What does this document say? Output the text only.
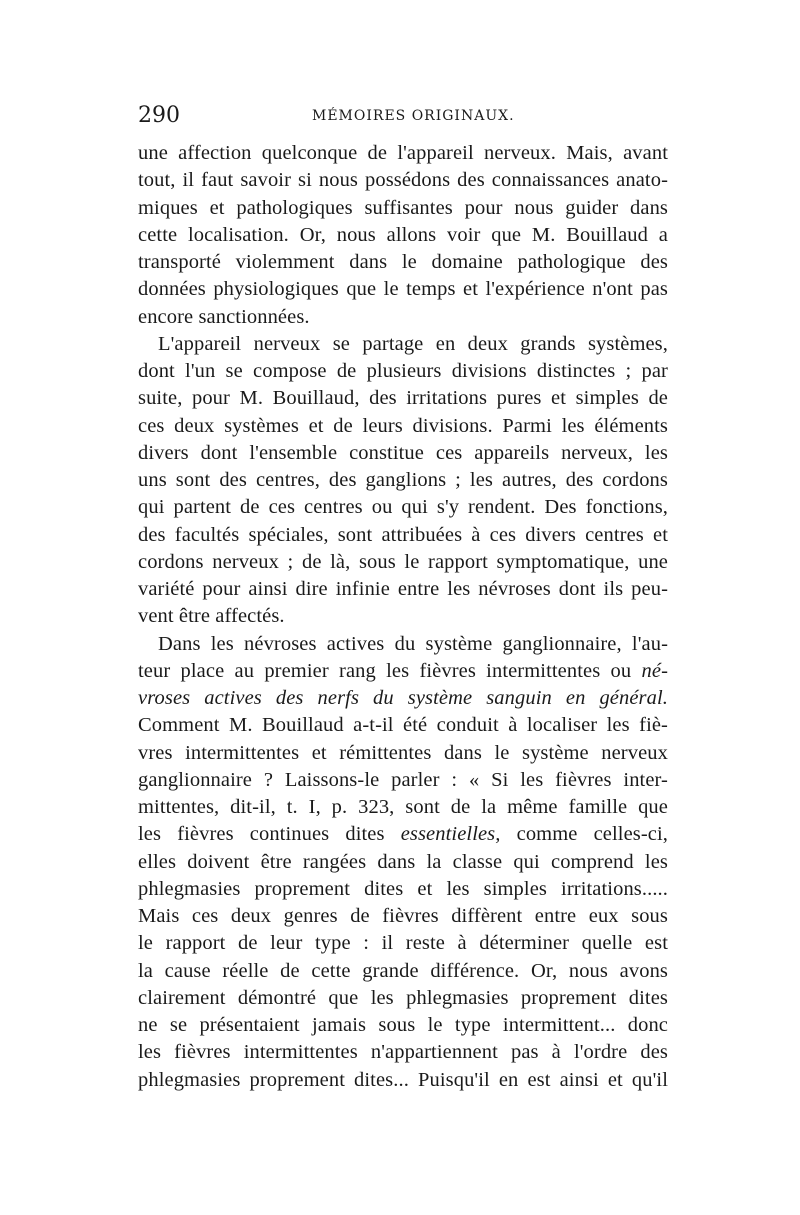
290	MÉMOIRES ORIGINAUX.
une affection quelconque de l'appareil nerveux. Mais, avant
tout, il faut savoir si nous possédons des connaissances anato-
miques et pathologiques suffisantes pour nous guider dans
cette localisation. Or, nous allons voir que M. Bouillaud a
transporté violemment dans le domaine pathologique des
données physiologiques que le temps et l'expérience n'ont pas
encore sanctionnées.
L'appareil nerveux se partage en deux grands systèmes,
dont l'un se compose de plusieurs divisions distinctes ; par
suite, pour M. Bouillaud, des irritations pures et simples de
ces deux systèmes et de leurs divisions. Parmi les éléments
divers dont l'ensemble constitue ces appareils nerveux, les
uns sont des centres, des ganglions ; les autres, des cordons
qui partent de ces centres ou qui s'y rendent. Des fonctions,
des facultés spéciales, sont attribuées à ces divers centres et
cordons nerveux ; de là, sous le rapport symptomatique, une
variété pour ainsi dire infinie entre les névroses dont ils peu-
vent être affectés.
Dans les névroses actives du système ganglionnaire, l'au-
teur place au premier rang les fièvres intermittentes ou né-
vroses actives des nerfs du système sanguin en général.
Comment M. Bouillaud a-t-il été conduit à localiser les fiè-
vres intermittentes et rémittentes dans le système nerveux
ganglionnaire ? Laissons-le parler : « Si les fièvres inter-
mittentes, dit-il, t. I, p. 323, sont de la même famille que
les fièvres continues dites essentielles, comme celles-ci,
elles doivent être rangées dans la classe qui comprend les
phlegmasies proprement dites et les simples irritations.....
Mais ces deux genres de fièvres diffèrent entre eux sous
le rapport de leur type : il reste à déterminer quelle est
la cause réelle de cette grande différence. Or, nous avons
clairement démontré que les phlegmasies proprement dites
ne se présentaient jamais sous le type intermittent... donc
les fièvres intermittentes n'appartiennent pas à l'ordre des
phlegmasies proprement dites... Puisqu'il en est ainsi et qu'il
